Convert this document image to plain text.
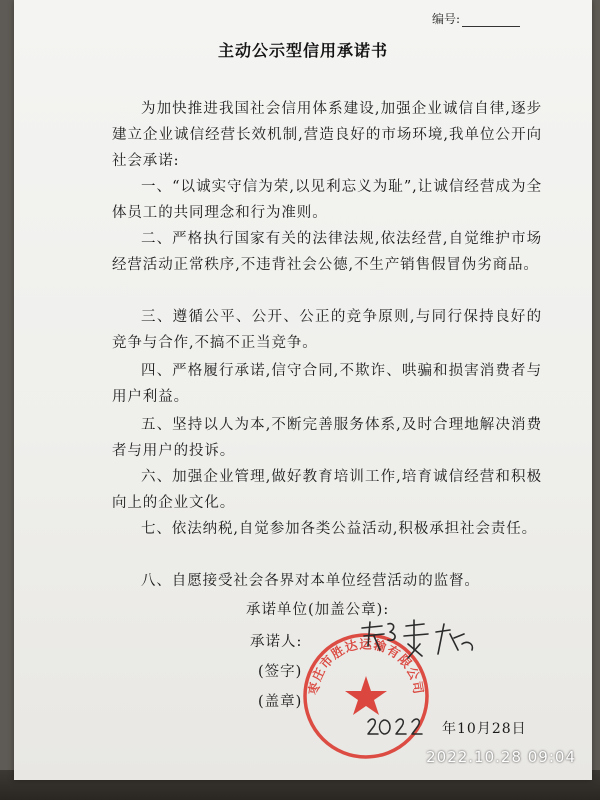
编号:
主动公示型信用承诺书

为加快推进我国社会信用体系建设,加强企业诚信自律,逐步建立企业诚信经营长效机制,营造良好的市场环境,我单位公开向社会承诺:

一、“以诚实守信为荣,以见利忘义为耻”,让诚信经营成为全体员工的共同理念和行为准则。

二、严格执行国家有关的法律法规,依法经营,自觉维护市场经营活动正常秩序,不违背社会公德,不生产销售假冒伪劣商品。

三、遵循公平、公开、公正的竞争原则,与同行保持良好的竞争与合作,不搞不正当竞争。

四、严格履行承诺,信守合同,不欺诈、哄骗和损害消费者与用户利益。

五、坚持以人为本,不断完善服务体系,及时合理地解决消费者与用户的投诉。

六、加强企业管理,做好教育培训工作,培育诚信经营和积极向上的企业文化。

七、依法纳税,自觉参加各类公益活动,积极承担社会责任。

八、自愿接受社会各界对本单位经营活动的监督。

承诺单位(加盖公章):
承诺人:
(签字)
(盖章)
枣庄市胜达运输有限公司
年10月28日
2022.10.28 09:04
